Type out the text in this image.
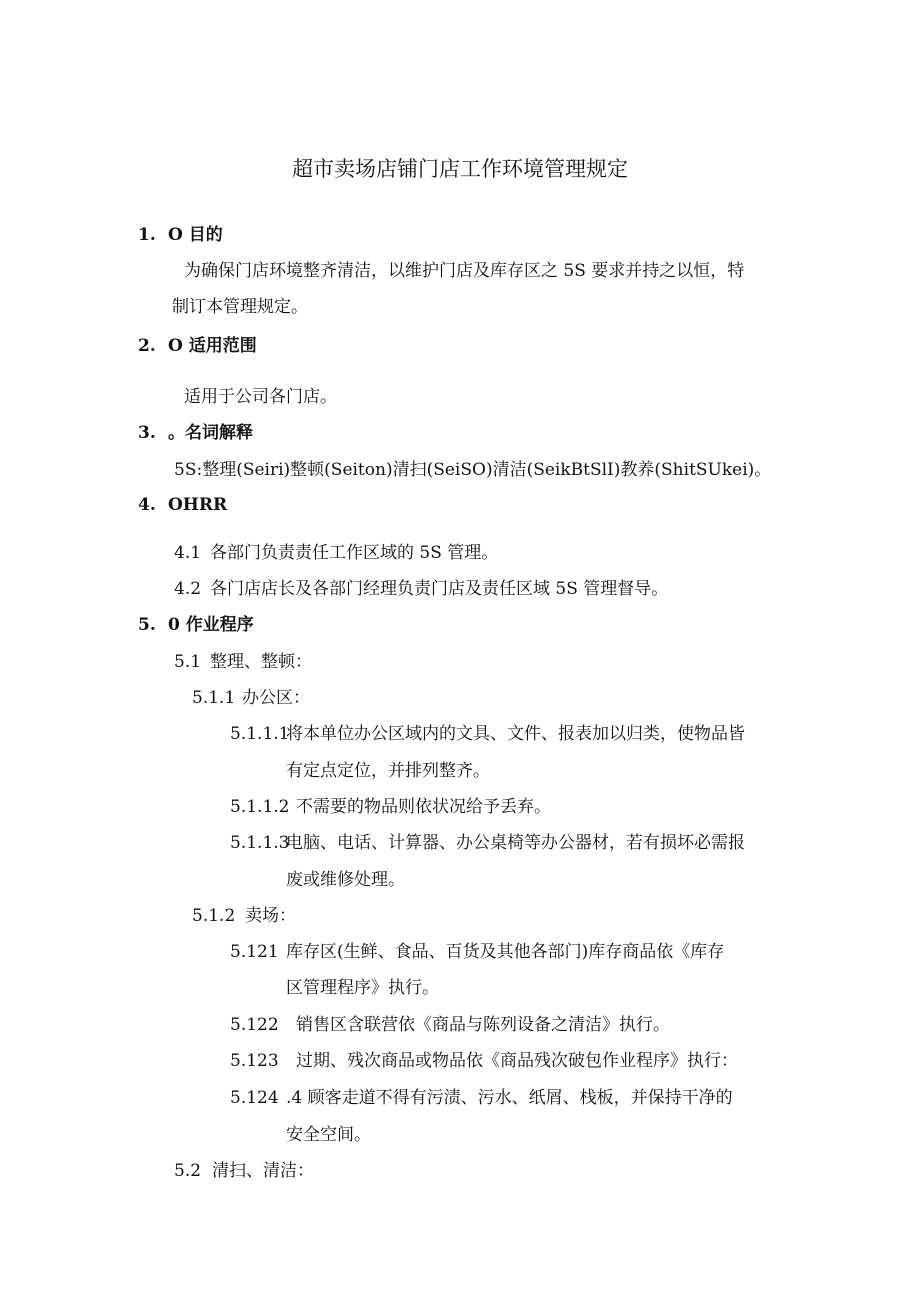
超市卖场店铺门店工作环境管理规定
1. O 目的
为确保门店环境整齐清洁，以维护门店及库存区之 5S 要求并持之以恒，特
制订本管理规定。
2. O 适用范围
适用于公司各门店。
3. 。名词解释
5S:整理(Seiri)整顿(Seiton)清扫(SeiSO)清洁(SeikBtSlI)教养(ShitSUkei)。
4. OHRR
4.1 各部门负责责任工作区域的 5S 管理。
4.2 各门店店长及各部门经理负责门店及责任区域 5S 管理督导。
5. 0 作业程序
5.1 整理、整顿：
5.1.1 办公区：
5.1.1.1
将本单位办公区域内的文具、文件、报表加以归类，使物品皆
有定点定位，并排列整齐。
5.1.1.2 不需要的物品则依状况给予丢弃。
5.1.1.3
电脑、电话、计算器、办公桌椅等办公器材，若有损坏必需报
废或维修处理。
5.1.2 卖场：
5.121 库存区(生鲜、食品、百货及其他各部门)库存商品依《库存
区管理程序》执行。
5.122 销售区含联营依《商品与陈列设备之清洁》执行。
5.123 过期、残次商品或物品依《商品残次破包作业程序》执行：
5.124 .4 顾客走道不得有污渍、污水、纸屑、栈板，并保持干净的
安全空间。
5.2 清扫、清洁：
